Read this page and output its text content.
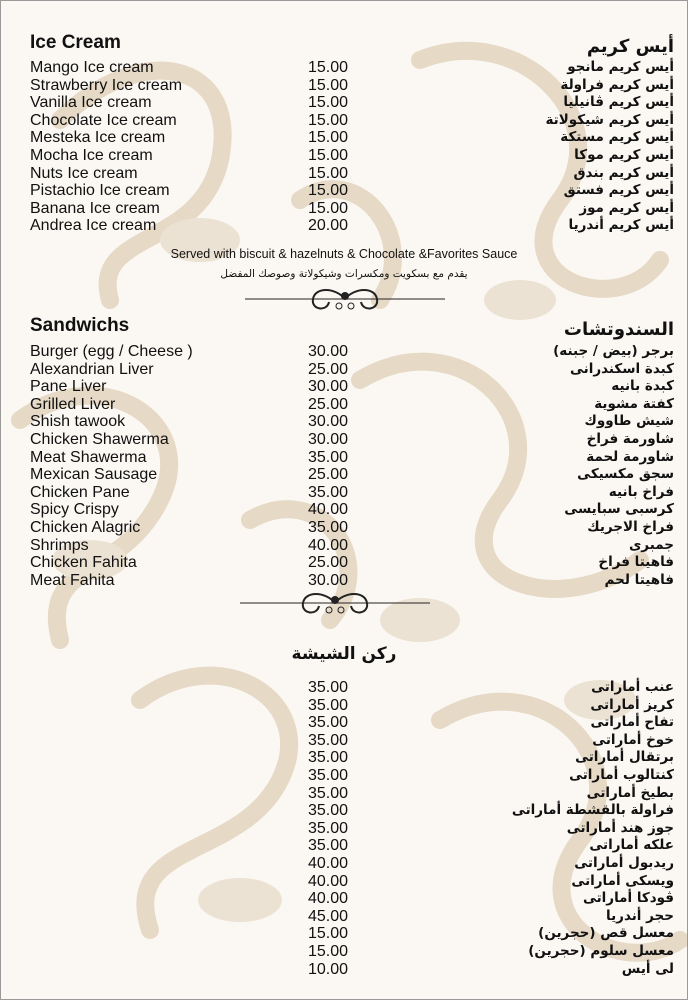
Ice Cream	أيس كريم
Mango Ice cream	15.00	أيس كريم مانجو
Strawberry Ice cream	15.00	أيس كريم فراولة
Vanilla Ice cream	15.00	أيس كريم ڤانيليا
Chocolate Ice cream	15.00	أيس كريم شيكولاتة
Mesteka Ice cream	15.00	أيس كريم مستكة
Mocha Ice cream	15.00	أيس كريم موكا
Nuts Ice cream	15.00	أيس كريم بندق
Pistachio Ice cream	15.00	أيس كريم فستق
Banana Ice cream	15.00	أيس كريم موز
Andrea Ice cream	20.00	أيس كريم أندريا
Served with biscuit & hazelnuts & Chocolate &Favorites Sauce
يقدم مع بسكويت ومكسرات وشيكولاتة وصوصك المفضل
Sandwichs	السندوتشات
Burger (egg / Cheese )	30.00	برجر (بيض / جبنه)
Alexandrian Liver	25.00	كبدة اسكندرانى
Pane Liver	30.00	كبدة بانيه
Grilled Liver	25.00	كفتة مشوية
Shish tawook	30.00	شيش طاووك
Chicken Shawerma	30.00	شاورمة فراخ
Meat Shawerma	35.00	شاورمة لحمة
Mexican Sausage	25.00	سجق مكسيكى
Chicken Pane	35.00	فراخ بانيه
Spicy Crispy	40.00	كرسبى سبايسى
Chicken Alagric	35.00	فراخ الاجريك
Shrimps	40.00	جمبرى
Chicken Fahita	25.00	فاهيتا فراخ
Meat Fahita	30.00	فاهيتا لحم
ركن الشيشة
35.00	عنب أماراتى
35.00	كريز أماراتى
35.00	تفاح أماراتى
35.00	خوخ أماراتى
35.00	برتقال أماراتى
35.00	كنتالوب أماراتى
35.00	بطيخ أماراتى
35.00	فراولة بالقشطة أماراتى
35.00	جوز هند أماراتى
35.00	علكه أماراتى
40.00	ريدبول أماراتى
40.00	ويسكى أماراتى
40.00	ڤودكا أماراتى
45.00	حجر أندريا
15.00	معسل قص (حجرين)
15.00	معسل سلوم (حجرين)
10.00	لى أيس
